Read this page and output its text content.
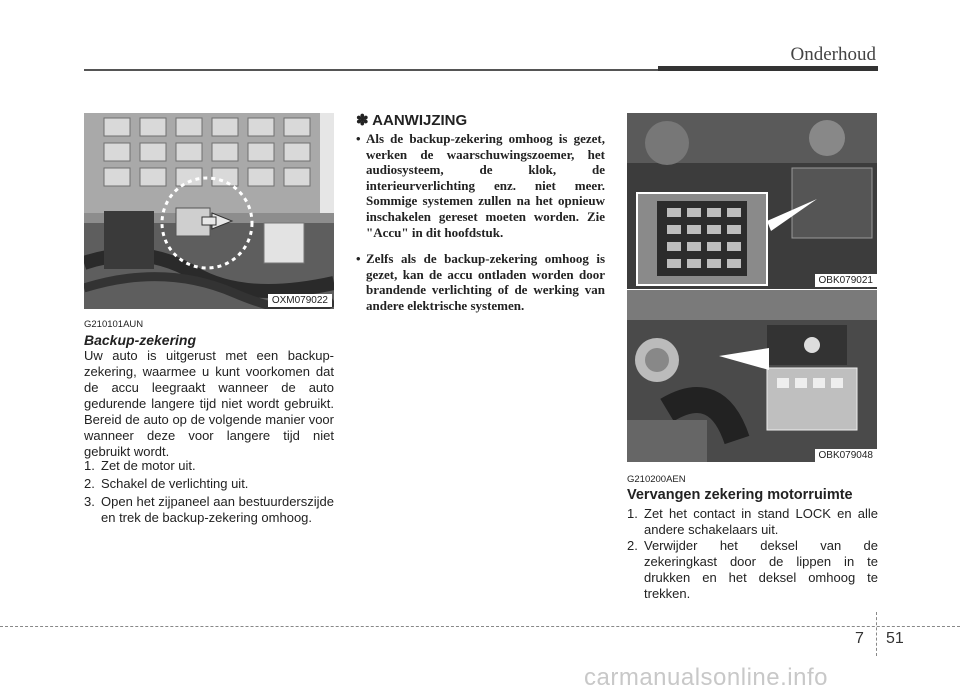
Onderhoud
OXM079022
G210101AUN
Backup-zekering
Uw auto is uitgerust met een backup-zekering, waarmee u kunt voorkomen dat de accu leegraakt wanneer de auto gedurende langere tijd niet wordt gebruikt. Bereid de auto op de volgende manier voor wanneer deze voor langere tijd niet gebruikt wordt.
1. Zet de motor uit.
2. Schakel de verlichting uit.
3. Open het zijpaneel aan bestuurderszijde en trek de backup-zekering omhoog.
✽ AANWIJZING
• Als de backup-zekering omhoog is gezet, werken de waarschuwingszoemer, het audiosysteem, de klok, de interieurverlichting enz. niet meer. Sommige systemen zullen na het opnieuw inschakelen gereset moeten worden. Zie "Accu" in dit hoofdstuk.
• Zelfs als de backup-zekering omhoog is gezet, kan de accu ontladen worden door brandende verlichting of de werking van andere elektrische systemen.
OBK079021
OBK079048
G210200AEN
Vervangen zekering motorruimte
1. Zet het contact in stand LOCK en alle andere schakelaars uit.
2. Verwijder het deksel van de zekeringkast door de lippen in te drukken en het deksel omhoog te trekken.
7 51
carmanualsonline.info
